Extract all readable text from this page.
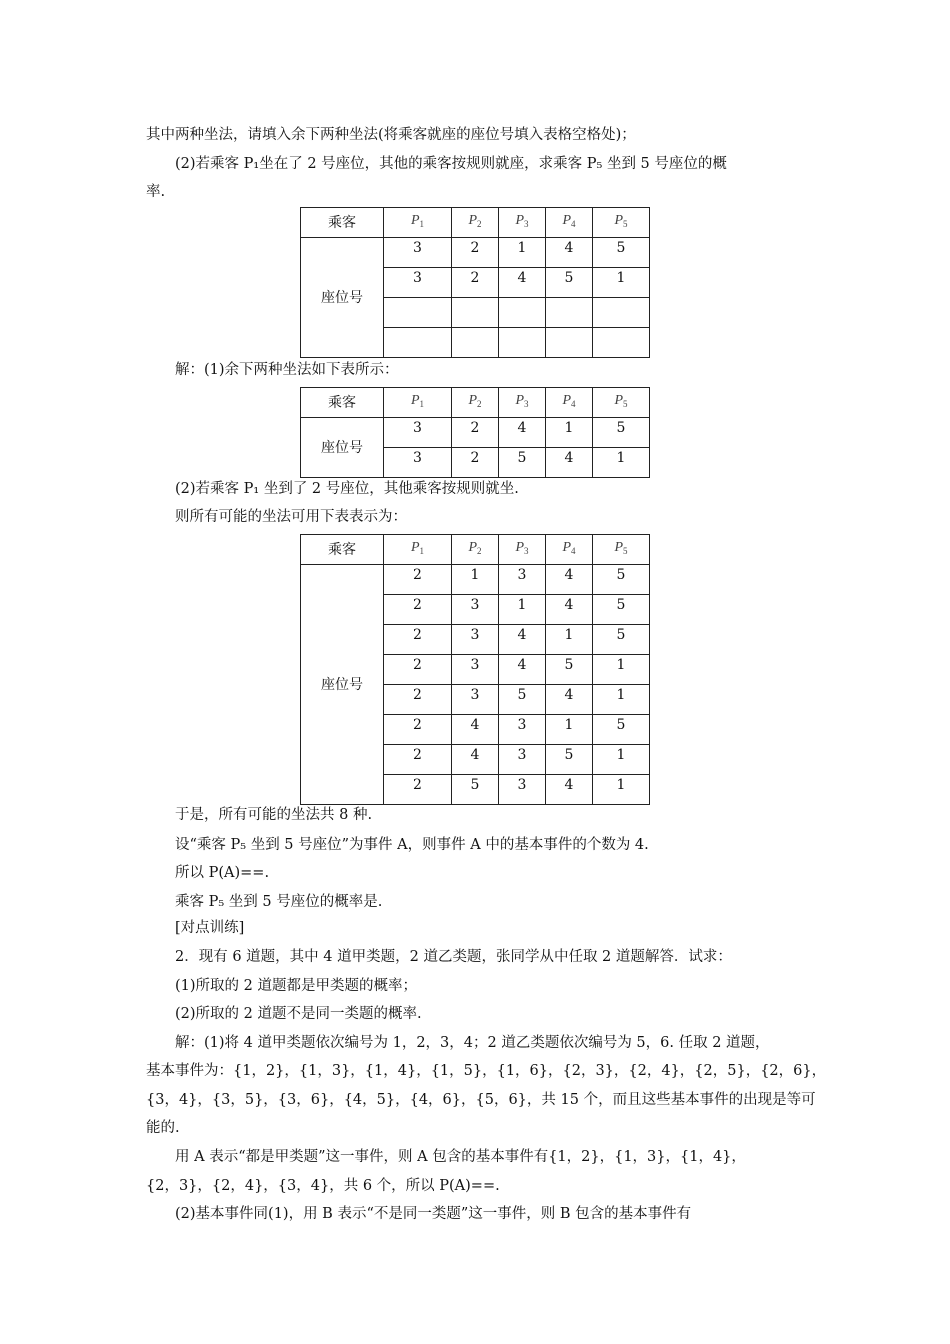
其中两种坐法，请填入余下两种坐法(将乘客就座的座位号填入表格空格处)；
(2)若乘客 P₁坐在了 2 号座位，其他的乘客按规则就座，求乘客 P₅ 坐到 5 号座位的概
率.
乘客	$P_1$	$P_2$	$P_3$	$P_4$	$P_5$
座位号	3	2	1	4	5
	3	2	4	5	1

解：(1)余下两种坐法如下表所示：
乘客	$P_1$	$P_2$	$P_3$	$P_4$	$P_5$
座位号	3	2	4	1	5
	3	2	5	4	1
(2)若乘客 P₁ 坐到了 2 号座位，其他乘客按规则就坐.
则所有可能的坐法可用下表表示为：
乘客	$P_1$	$P_2$	$P_3$	$P_4$	$P_5$
座位号	2	1	3	4	5
	2	3	1	4	5
	2	3	4	1	5
	2	3	4	5	1
	2	3	5	4	1
	2	4	3	1	5
	2	4	3	5	1
	2	5	3	4	1
于是，所有可能的坐法共 8 种.
设“乘客 P₅ 坐到 5 号座位”为事件 A，则事件 A 中的基本事件的个数为 4.
所以 P(A)==.
乘客 P₅ 坐到 5 号座位的概率是.
[对点训练]
2．现有 6 道题，其中 4 道甲类题，2 道乙类题，张同学从中任取 2 道题解答．试求：
(1)所取的 2 道题都是甲类题的概率；
(2)所取的 2 道题不是同一类题的概率.
解：(1)将 4 道甲类题依次编号为 1，2，3，4；2 道乙类题依次编号为 5，6. 任取 2 道题，
基本事件为：{1，2}，{1，3}，{1，4}，{1，5}，{1，6}，{2，3}，{2，4}，{2，5}，{2，6}，
{3，4}，{3，5}，{3，6}，{4，5}，{4，6}，{5，6}，共 15 个，而且这些基本事件的出现是等可
能的.
用 A 表示“都是甲类题”这一事件，则 A 包含的基本事件有{1，2}，{1，3}，{1，4}，
{2，3}，{2，4}，{3，4}，共 6 个，所以 P(A)==.
(2)基本事件同(1)，用 B 表示“不是同一类题”这一事件，则 B 包含的基本事件有
